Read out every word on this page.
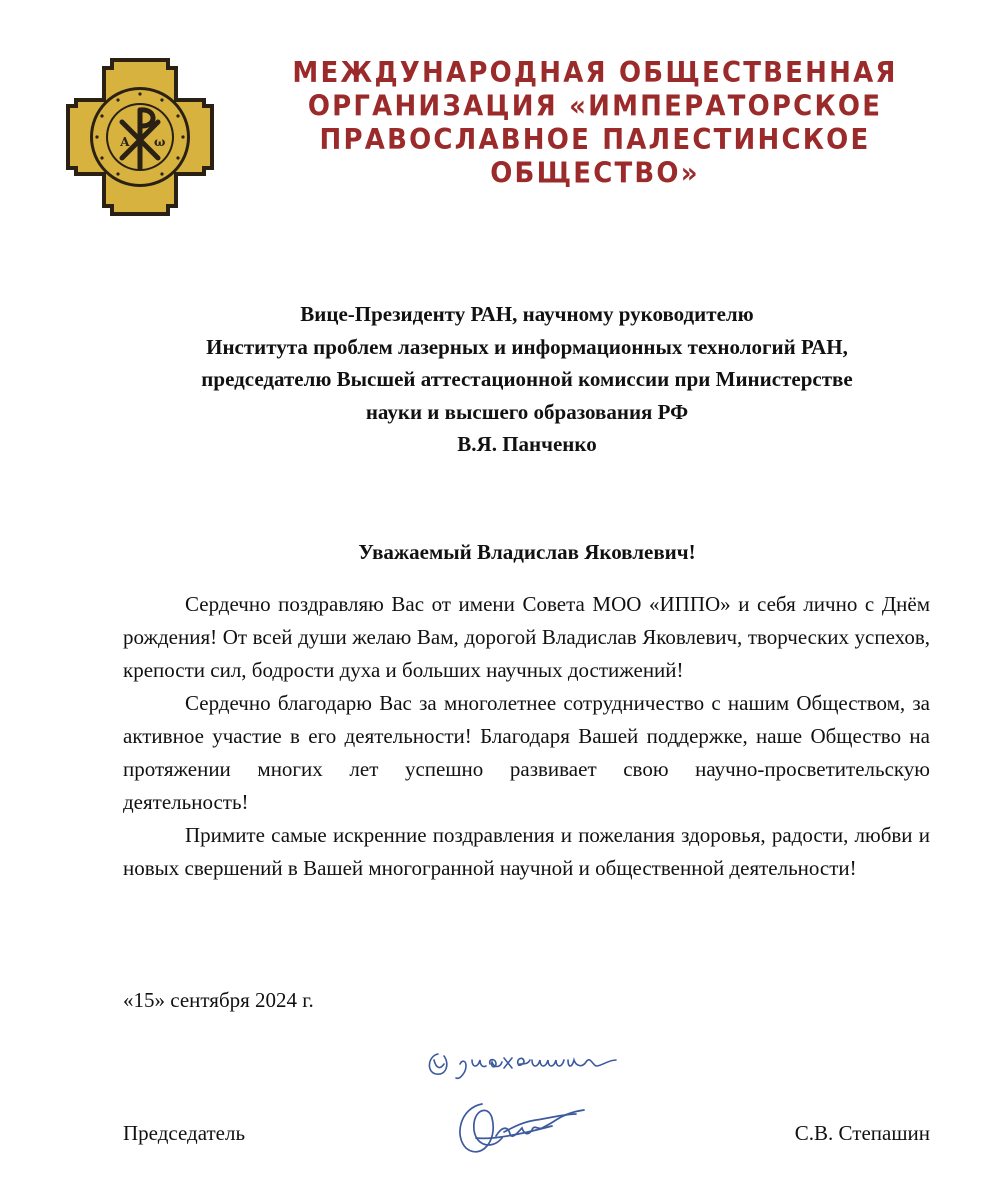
А ω
МЕЖДУНАРОДНАЯ ОБЩЕСТВЕННАЯ
ОРГАНИЗАЦИЯ «ИМПЕРАТОРСКОЕ
ПРАВОСЛАВНОЕ ПАЛЕСТИНСКОЕ ОБЩЕСТВО»
Вице-Президенту РАН, научному руководителю
Института проблем лазерных и информационных технологий РАН,
председателю Высшей аттестационной комиссии при Министерстве
науки и высшего образования РФ
В.Я. Панченко
Уважаемый Владислав Яковлевич!

Сердечно поздравляю Вас от имени Совета МОО «ИППО» и себя лично с Днём рождения! От всей души желаю Вам, дорогой Владислав Яковлевич, творческих успехов, крепости сил, бодрости духа и больших научных достижений!

Сердечно благодарю Вас за многолетнее сотрудничество с нашим Обществом, за активное участие в его деятельности! Благодаря Вашей поддержке, наше Общество на протяжении многих лет успешно развивает свою научно-просветительскую деятельность!

Примите самые искренние поздравления и пожелания здоровья, радости, любви и новых свершений в Вашей многогранной научной и общественной деятельности!

«15» сентября 2024 г.
Председатель	С.В. Степашин
